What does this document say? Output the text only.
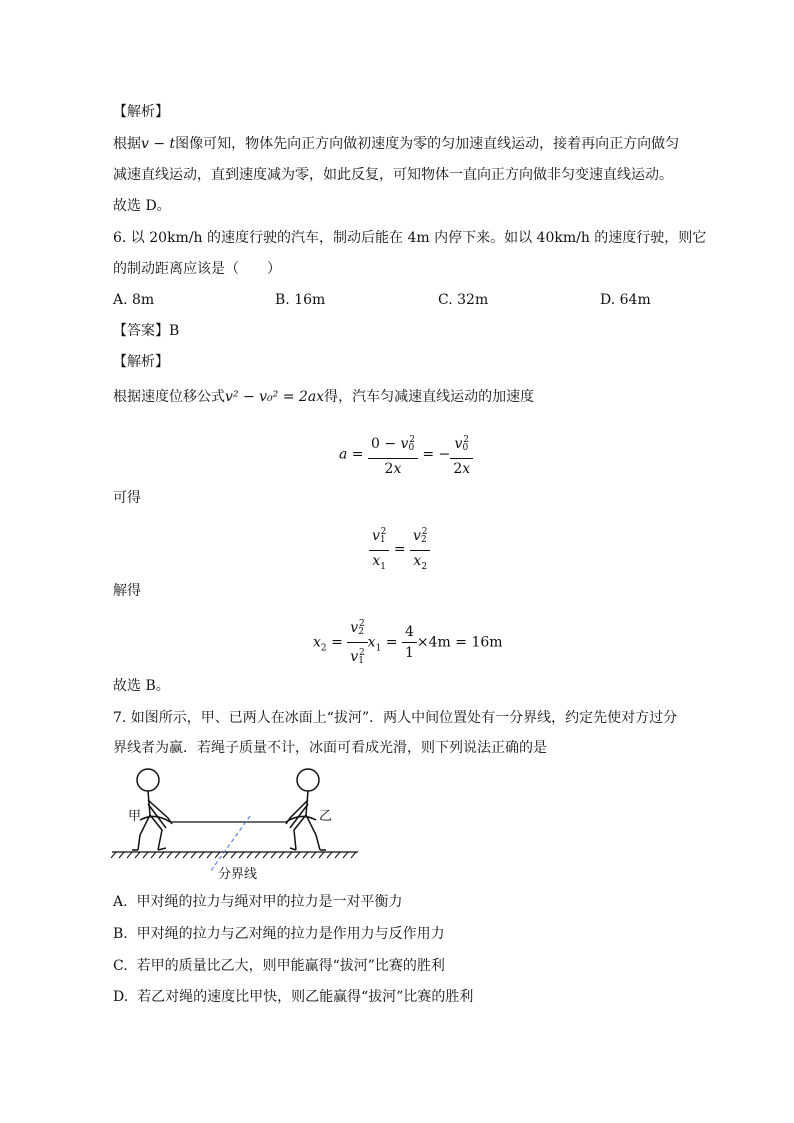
【解析】
根据v − t图像可知，物体先向正方向做初速度为零的匀加速直线运动，接着再向正方向做匀
减速直线运动，直到速度减为零，如此反复，可知物体一直向正方向做非匀变速直线运动。
故选 D。
6. 以 20km/h 的速度行驶的汽车，制动后能在 4m 内停下来。如以 40km/h 的速度行驶，则它
的制动距离应该是（　　）
A. 8m	B. 16m	C. 32m	D. 64m
【答案】B
【解析】
根据速度位移公式v² − v₀² = 2ax得，汽车匀减速直线运动的加速度
$a = \frac{0 - v_0^2}{2x}$ = − $\frac{v_0^2}{2x}$
可得
$\frac{v_1^2}{x_1} = \frac{v_2^2}{x_2}$
解得
$x_2 = \frac{v_2^2}{v_1^2} x_1 = \frac{4}{1} \times 4m = 16m$
故选 B。
7. 如图所示，甲、已两人在冰面上“拔河”．两人中间位置处有一分界线，约定先使对方过分
界线者为赢．若绳子质量不计，冰面可看成光滑，则下列说法正确的是
甲	乙
分界线
A. 甲对绳的拉力与绳对甲的拉力是一对平衡力
B. 甲对绳的拉力与乙对绳的拉力是作用力与反作用力
C. 若甲的质量比乙大，则甲能赢得“拔河”比赛的胜利
D. 若乙对绳的速度比甲快，则乙能赢得“拔河”比赛的胜利
